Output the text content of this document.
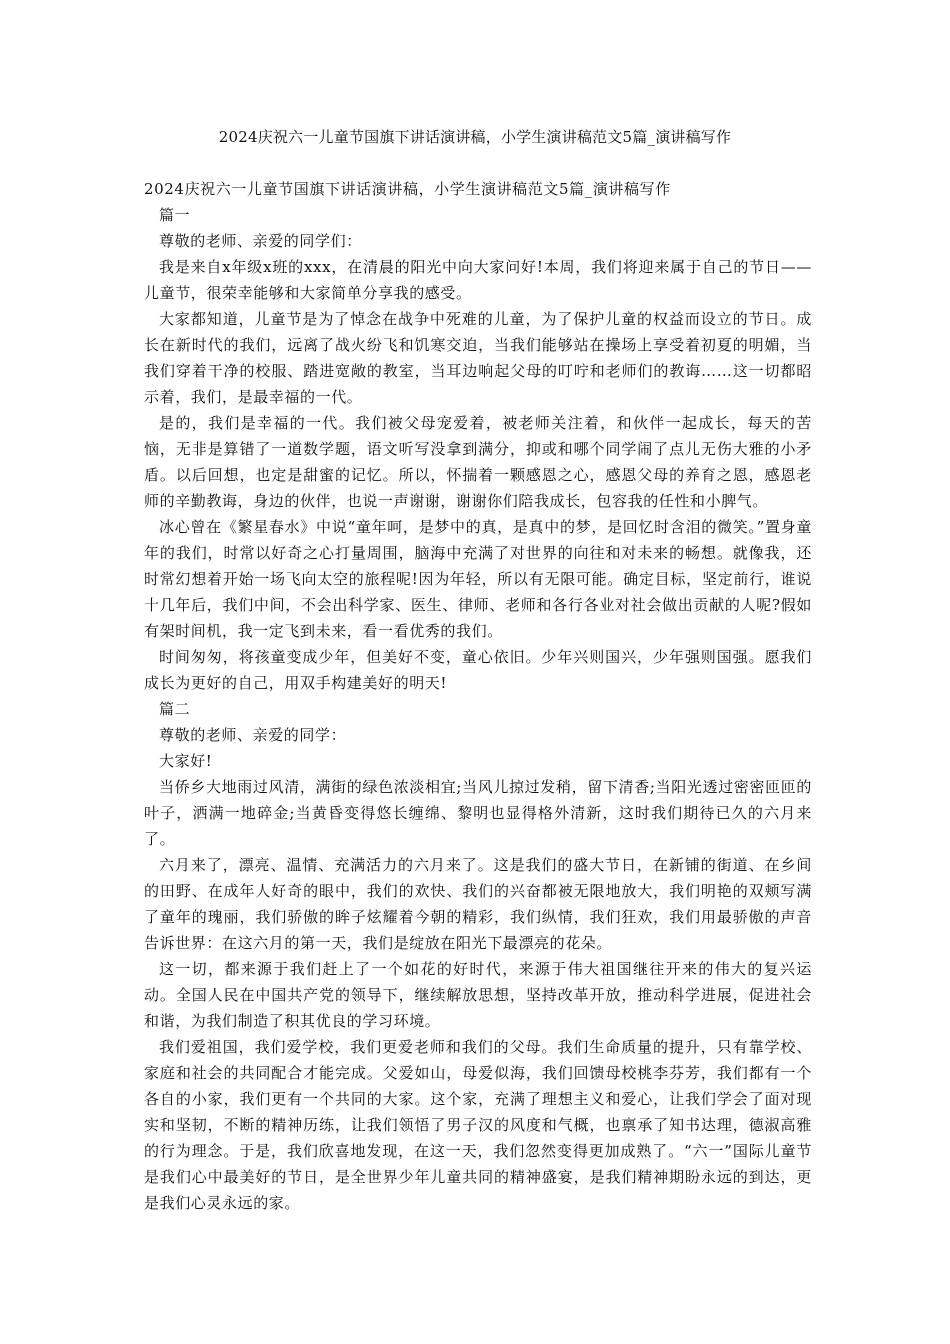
2024庆祝六一儿童节国旗下讲话演讲稿，小学生演讲稿范文5篇_演讲稿写作

2024庆祝六一儿童节国旗下讲话演讲稿，小学生演讲稿范文5篇_演讲稿写作

篇一

尊敬的老师、亲爱的同学们：

我是来自x年级x班的xxx，在清晨的阳光中向大家问好!本周，我们将迎来属于自己的节日——儿童节，很荣幸能够和大家简单分享我的感受。

大家都知道，儿童节是为了悼念在战争中死难的儿童，为了保护儿童的权益而设立的节日。成长在新时代的我们，远离了战火纷飞和饥寒交迫，当我们能够站在操场上享受着初夏的明媚，当我们穿着干净的校服、踏进宽敞的教室，当耳边响起父母的叮咛和老师们的教诲……这一切都昭示着，我们，是最幸福的一代。

是的，我们是幸福的一代。我们被父母宠爱着，被老师关注着，和伙伴一起成长，每天的苦恼，无非是算错了一道数学题，语文听写没拿到满分，抑或和哪个同学闹了点儿无伤大雅的小矛盾。以后回想，也定是甜蜜的记忆。所以，怀揣着一颗感恩之心，感恩父母的养育之恩，感恩老师的辛勤教诲，身边的伙伴，也说一声谢谢，谢谢你们陪我成长，包容我的任性和小脾气。

冰心曾在《繁星春水》中说“童年呵，是梦中的真，是真中的梦，是回忆时含泪的微笑。”置身童年的我们，时常以好奇之心打量周围，脑海中充满了对世界的向往和对未来的畅想。就像我，还时常幻想着开始一场飞向太空的旅程呢!因为年轻，所以有无限可能。确定目标，坚定前行，谁说十几年后，我们中间，不会出科学家、医生、律师、老师和各行各业对社会做出贡献的人呢?假如有架时间机，我一定飞到未来，看一看优秀的我们。

时间匆匆，将孩童变成少年，但美好不变，童心依旧。少年兴则国兴，少年强则国强。愿我们成长为更好的自己，用双手构建美好的明天!

篇二

尊敬的老师、亲爱的同学：

大家好!

当侨乡大地雨过风清，满街的绿色浓淡相宜;当风儿掠过发稍，留下清香;当阳光透过密密匝匝的叶子，洒满一地碎金;当黄昏变得悠长缠绵、黎明也显得格外清新，这时我们期待已久的六月来了。

六月来了，漂亮、温情、充满活力的六月来了。这是我们的盛大节日，在新铺的街道、在乡间的田野、在成年人好奇的眼中，我们的欢快、我们的兴奋都被无限地放大，我们明艳的双颊写满了童年的瑰丽，我们骄傲的眸子炫耀着今朝的精彩，我们纵情，我们狂欢，我们用最骄傲的声音告诉世界：在这六月的第一天，我们是绽放在阳光下最漂亮的花朵。

这一切，都来源于我们赶上了一个如花的好时代，来源于伟大祖国继往开来的伟大的复兴运动。全国人民在中国共产党的领导下，继续解放思想，坚持改革开放，推动科学进展，促进社会和谐，为我们制造了积其优良的学习环境。

我们爱祖国，我们爱学校，我们更爱老师和我们的父母。我们生命质量的提升，只有靠学校、家庭和社会的共同配合才能完成。父爱如山，母爱似海，我们回馈母校桃李芬芳，我们都有一个各自的小家，我们更有一个共同的大家。这个家，充满了理想主义和爱心，让我们学会了面对现实和坚韧，不断的精神历练，让我们领悟了男子汉的风度和气概，也禀承了知书达理，德淑高雅的行为理念。于是，我们欣喜地发现，在这一天，我们忽然变得更加成熟了。“六一”国际儿童节是我们心中最美好的节日，是全世界少年儿童共同的精神盛宴，是我们精神期盼永远的到达，更是我们心灵永远的家。
